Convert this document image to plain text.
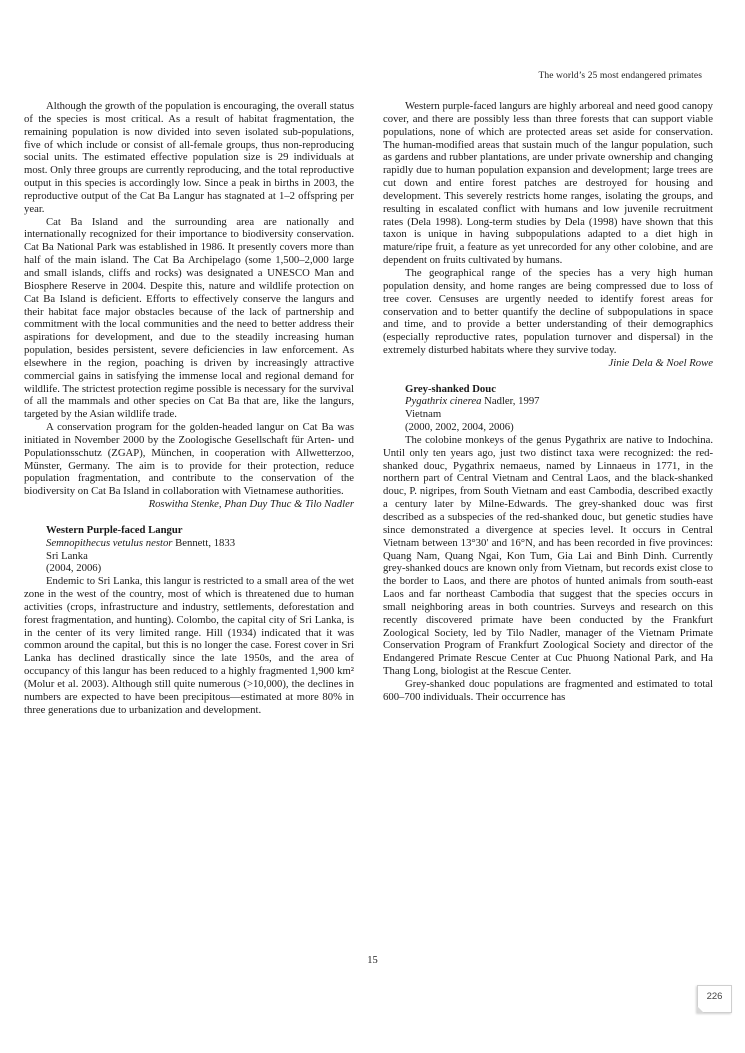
The world’s 25 most endangered primates

Although the growth of the population is encouraging, the overall status of the species is most critical. As a result of habitat fragmentation, the remaining population is now divided into seven isolated sub-populations, five of which include or consist of all-female groups, thus non-reproducing social units. The estimated effective population size is 29 individuals at most. Only three groups are currently reproducing, and the total reproductive output in this species is accordingly low. Since a peak in births in 2003, the reproductive output of the Cat Ba Langur has stagnated at 1–2 offspring per year.

Cat Ba Island and the surrounding area are nationally and internationally recognized for their importance to biodiversity conservation. Cat Ba National Park was established in 1986. It presently covers more than half of the main island. The Cat Ba Archipelago (some 1,500–2,000 large and small islands, cliffs and rocks) was designated a UNESCO Man and Biosphere Reserve in 2004. Despite this, nature and wildlife protection on Cat Ba Island is deficient. Efforts to effectively conserve the langurs and their habitat face major obstacles because of the lack of partnership and commitment with the local communities and the need to better address their aspirations for development, and due to the steadily increasing human population, besides persistent, severe deficiencies in law enforcement. As elsewhere in the region, poaching is driven by increasingly attractive commercial gains in satisfying the immense local and regional demand for wildlife. The strictest protection regime possible is necessary for the survival of all the mammals and other species on Cat Ba that are, like the langurs, targeted by the Asian wildlife trade.

A conservation program for the golden-headed langur on Cat Ba was initiated in November 2000 by the Zoologische Gesellschaft für Arten- und Populationsschutz (ZGAP), München, in cooperation with Allwetterzoo, Münster, Germany. The aim is to provide for their protection, reduce population fragmentation, and contribute to the conservation of the biodiversity on Cat Ba Island in collaboration with Vietnamese authorities.

Roswitha Stenke, Phan Duy Thuc & Tilo Nadler

Western Purple-faced Langur

Semnopithecus vetulus nestor Bennett, 1833

Sri Lanka

(2004, 2006)

Endemic to Sri Lanka, this langur is restricted to a small area of the wet zone in the west of the country, most of which is threatened due to human activities (crops, infrastructure and industry, settlements, deforestation and forest fragmentation, and hunting). Colombo, the capital city of Sri Lanka, is in the center of its very limited range. Hill (1934) indicated that it was common around the capital, but this is no longer the case. Forest cover in Sri Lanka has declined drastically since the late 1950s, and the area of occupancy of this langur has been reduced to a highly fragmented 1,900 km² (Molur et al. 2003). Although still quite numerous (>10,000), the declines in numbers are expected to have been precipitous—estimated at more 80% in three generations due to urbanization and development.

Western purple-faced langurs are highly arboreal and need good canopy cover, and there are possibly less than three forests that can support viable populations, none of which are protected areas set aside for conservation. The human-modified areas that sustain much of the langur population, such as gardens and rubber plantations, are under private ownership and changing rapidly due to human population expansion and development; large trees are cut down and entire forest patches are destroyed for housing and development. This severely restricts home ranges, isolating the groups, and resulting in escalated conflict with humans and low juvenile recruitment rates (Dela 1998). Long-term studies by Dela (1998) have shown that this taxon is unique in having subpopulations adapted to a diet high in mature/ripe fruit, a feature as yet unrecorded for any other colobine, and are dependent on fruits cultivated by humans.

The geographical range of the species has a very high human population density, and home ranges are being compressed due to loss of tree cover. Censuses are urgently needed to identify forest areas for conservation and to better quantify the decline of subpopulations in space and time, and to provide a better understanding of their demographics (especially reproductive rates, population turnover and dispersal) in the extremely disturbed habitats where they survive today.

Jinie Dela & Noel Rowe

Grey-shanked Douc

Pygathrix cinerea Nadler, 1997

Vietnam

(2000, 2002, 2004, 2006)

The colobine monkeys of the genus Pygathrix are native to Indochina. Until only ten years ago, just two distinct taxa were recognized: the red-shanked douc, Pygathrix nemaeus, named by Linnaeus in 1771, in the northern part of Central Vietnam and Central Laos, and the black-shanked douc, P. nigripes, from South Vietnam and east Cambodia, described exactly a century later by Milne-Edwards. The grey-shanked douc was first described as a subspecies of the red-shanked douc, but genetic studies have since demonstrated a divergence at species level. It occurs in Central Vietnam between 13°30′ and 16°N, and has been recorded in five provinces: Quang Nam, Quang Ngai, Kon Tum, Gia Lai and Binh Dinh. Currently grey-shanked doucs are known only from Vietnam, but records exist close to the border to Laos, and there are photos of hunted animals from south-east Laos and far northeast Cambodia that suggest that the species occurs in small neighboring areas in both countries. Surveys and research on this recently discovered primate have been conducted by the Frankfurt Zoological Society, led by Tilo Nadler, manager of the Vietnam Primate Conservation Program of Frankfurt Zoological Society and director of the Endangered Primate Rescue Center at Cuc Phuong National Park, and Ha Thang Long, biologist at the Rescue Center.

Grey-shanked douc populations are fragmented and estimated to total 600–700 individuals. Their occurrence has

15
226
